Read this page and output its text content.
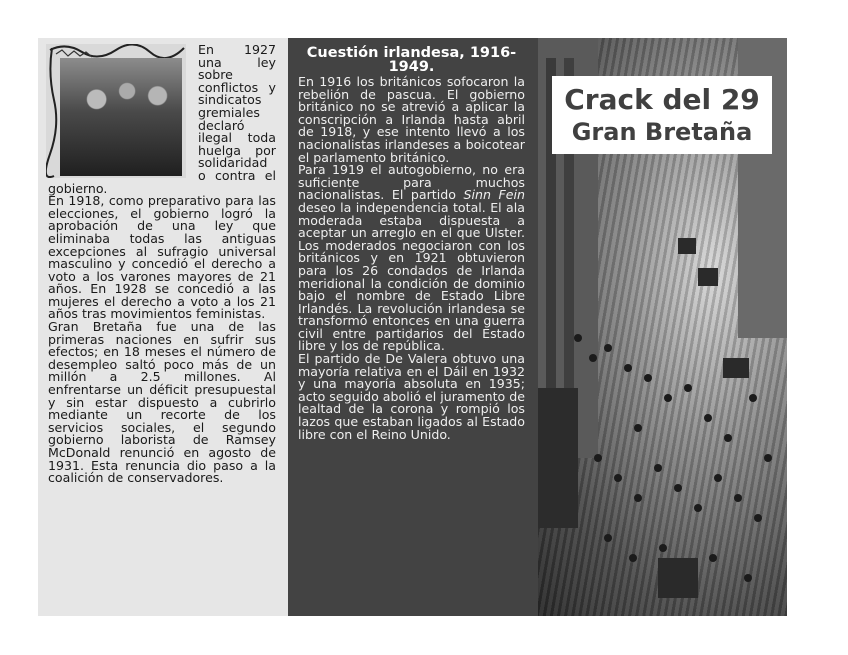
En 1927 una ley sobre conflictos y sindicatos gremiales declaró ilegal toda huelga por solidaridad o contra el gobierno.

En 1918, como preparativo para las elecciones, el gobierno logró la aprobación de una ley que eliminaba todas las antiguas excepciones al sufragio universal masculino y concedió el derecho a voto a los varones mayores de 21 años. En 1928 se concedió a las mujeres el derecho a voto a los 21 años tras movimientos feministas.

Gran Bretaña fue una de las primeras naciones en sufrir sus efectos; en 18 meses el número de desempleo saltó poco más de un millón a 2.5 millones. Al enfrentarse un déficit presupuestal y sin estar dispuesto a cubrirlo mediante un recorte de los servicios sociales, el segundo gobierno laborista de Ramsey McDonald renunció en agosto de 1931. Esta renuncia dio paso a la coalición de conservadores.

Cuestión irlandesa, 1916-1949.

En 1916 los británicos sofocaron la rebelión de pascua. El gobierno británico no se atrevió a aplicar la conscripción a Irlanda hasta abril de 1918, y ese intento llevó a los nacionalistas irlandeses a boicotear el parlamento británico.

Para 1919 el autogobierno, no era suficiente para muchos nacionalistas. El partido Sinn Fein deseo la independencia total. El ala moderada estaba dispuesta a aceptar un arreglo en el que Ulster. Los moderados negociaron con los británicos y en 1921 obtuvieron para los 26 condados de Irlanda meridional la condición de dominio bajo el nombre de Estado Libre Irlandés. La revolución irlandesa se transformó entonces en una guerra civil entre partidarios del Estado libre y los de república.

El partido de De Valera obtuvo una mayoría relativa en el Dáil en 1932 y una mayoría absoluta en 1935; acto seguido abolió el juramento de lealtad de la corona y rompió los lazos que estaban ligados al Estado libre con el Reino Unido.

Crack del 29
Gran Bretaña
